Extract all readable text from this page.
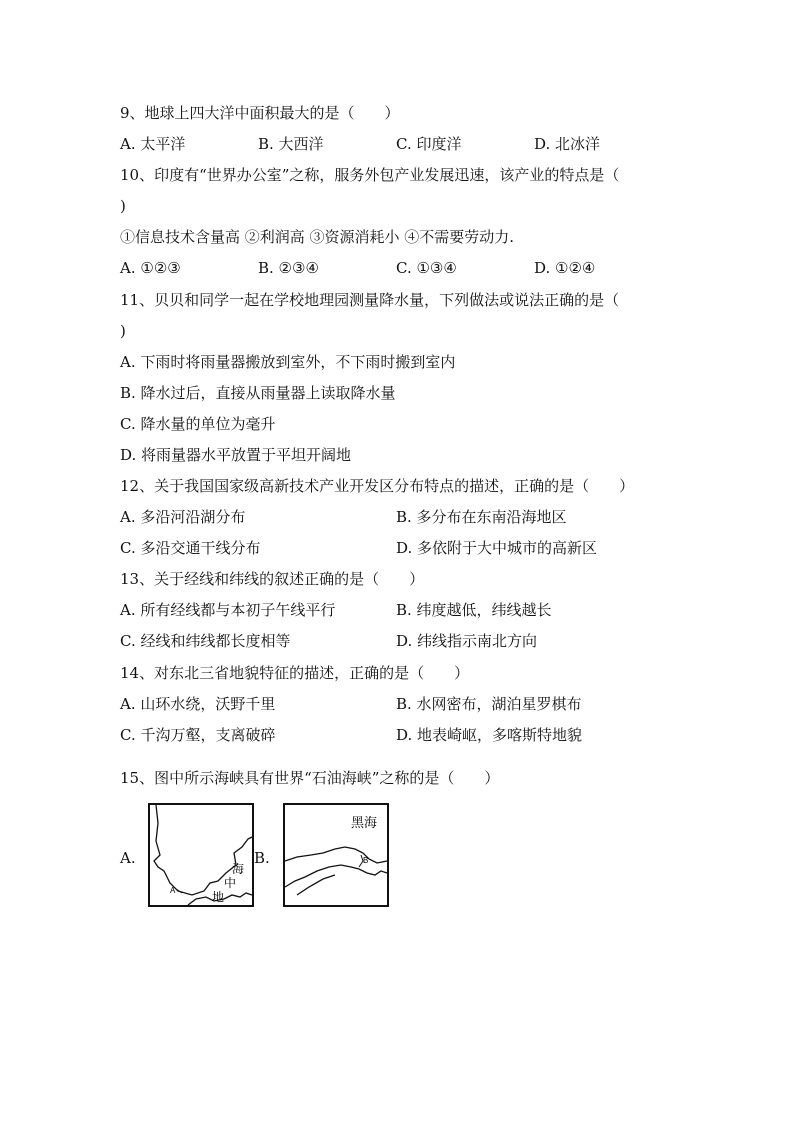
9、地球上四大洋中面积最大的是（　　）
A. 太平洋	B. 大西洋	C. 印度洋	D. 北冰洋
10、印度有“世界办公室”之称，服务外包产业发展迅速，该产业的特点是（
)
①信息技术含量高 ②利润高 ③资源消耗小 ④不需要劳动力.
A. ①②③	B. ②③④	C. ①③④	D. ①②④
11、贝贝和同学一起在学校地理园测量降水量，下列做法或说法正确的是（
)
A. 下雨时将雨量器搬放到室外，不下雨时搬到室内
B. 降水过后，直接从雨量器上读取降水量
C. 降水量的单位为毫升
D. 将雨量器水平放置于平坦开阔地
12、关于我国国家级高新技术产业开发区分布特点的描述，正确的是（　　）
A. 多沿河沿湖分布	B. 多分布在东南沿海地区
C. 多沿交通干线分布	D. 多依附于大中城市的高新区
13、关于经线和纬线的叙述正确的是（　　）
A. 所有经线都与本初子午线平行	B. 纬度越低，纬线越长
C. 经线和纬线都长度相等	D. 纬线指示南北方向
14、对东北三省地貌特征的描述，正确的是（　　）
A. 山环水绕，沃野千里	B. 水网密布，湖泊星罗棋布
C. 千沟万壑，支离破碎	D. 地表崎岖，多喀斯特地貌
15、图中所示海峡具有世界“石油海峡”之称的是（　　）
A.
A
海
中
地
B.
黑海
B
